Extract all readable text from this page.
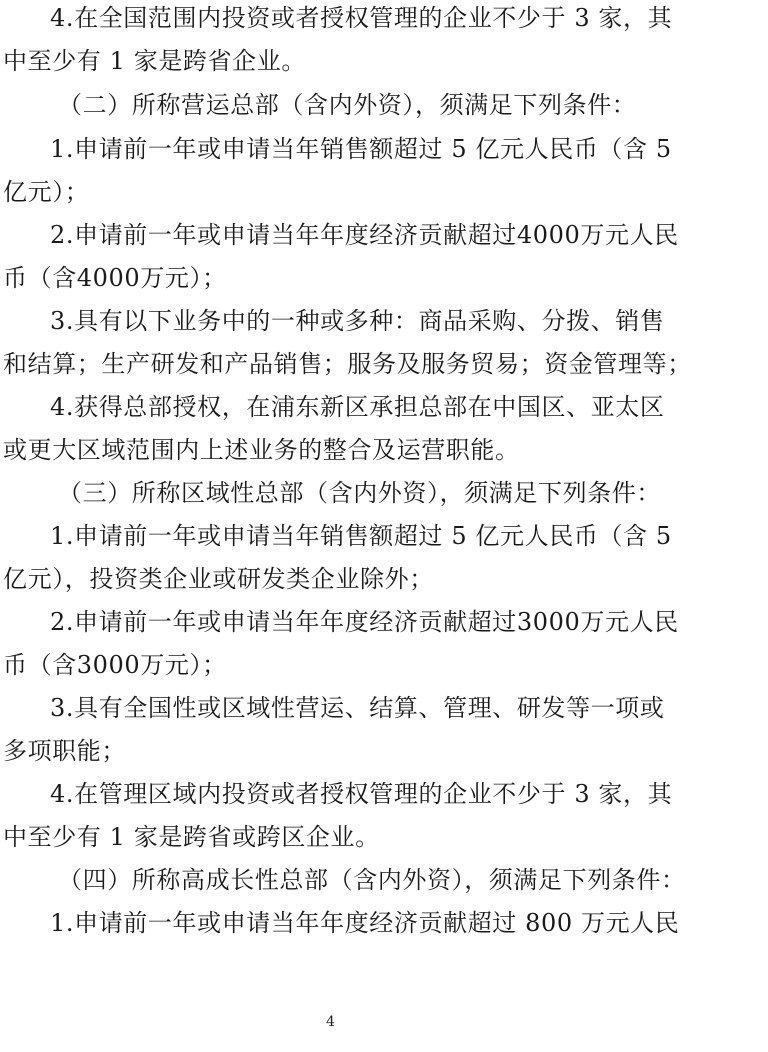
4.在全国范围内投资或者授权管理的企业不少于 3 家，其
中至少有 1 家是跨省企业。
（二）所称营运总部（含内外资），须满足下列条件：
1.申请前一年或申请当年销售额超过 5 亿元人民币（含 5
亿元）；
2.申请前一年或申请当年年度经济贡献超过4000万元人民
币（含4000万元）；
3.具有以下业务中的一种或多种：商品采购、分拨、销售
和结算；生产研发和产品销售；服务及服务贸易；资金管理等；
4.获得总部授权，在浦东新区承担总部在中国区、亚太区
或更大区域范围内上述业务的整合及运营职能。
（三）所称区域性总部（含内外资），须满足下列条件：
1.申请前一年或申请当年销售额超过 5 亿元人民币（含 5
亿元），投资类企业或研发类企业除外；
2.申请前一年或申请当年年度经济贡献超过3000万元人民
币（含3000万元）；
3.具有全国性或区域性营运、结算、管理、研发等一项或
多项职能；
4.在管理区域内投资或者授权管理的企业不少于 3 家，其
中至少有 1 家是跨省或跨区企业。
（四）所称高成长性总部（含内外资），须满足下列条件：
1.申请前一年或申请当年年度经济贡献超过 800 万元人民
4
